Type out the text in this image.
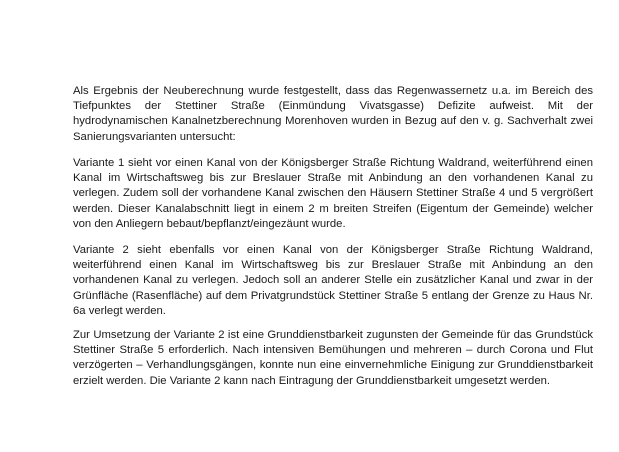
Als Ergebnis der Neuberechnung wurde festgestellt, dass das Regenwassernetz u.a. im Bereich des Tiefpunktes der Stettiner Straße (Einmündung Vivatsgasse) Defizite aufweist. Mit der hydrodynamischen Kanalnetzberechnung Morenhoven wurden in Bezug auf den v. g. Sachverhalt zwei Sanierungsvarianten untersucht:

Variante 1 sieht vor einen Kanal von der Königsberger Straße Richtung Waldrand, weiterführend einen Kanal im Wirtschaftsweg bis zur Breslauer Straße mit Anbindung an den vorhandenen Kanal zu verlegen. Zudem soll der vorhandene Kanal zwischen den Häusern Stettiner Straße 4 und 5 vergrößert werden. Dieser Kanalabschnitt liegt in einem 2 m breiten Streifen (Eigentum der Gemeinde) welcher von den Anliegern bebaut/bepflanzt/eingezäunt wurde.

Variante 2 sieht ebenfalls vor einen Kanal von der Königsberger Straße Richtung Waldrand, weiterführend einen Kanal im Wirtschaftsweg bis zur Breslauer Straße mit Anbindung an den vorhandenen Kanal zu verlegen. Jedoch soll an anderer Stelle ein zusätzlicher Kanal und zwar in der Grünfläche (Rasenfläche) auf dem Privatgrundstück Stettiner Straße 5 entlang der Grenze zu Haus Nr. 6a verlegt werden.

Zur Umsetzung der Variante 2 ist eine Grunddienstbarkeit zugunsten der Gemeinde für das Grundstück Stettiner Straße 5 erforderlich. Nach intensiven Bemühungen und mehreren – durch Corona und Flut verzögerten – Verhandlungsgängen, konnte nun eine einvernehmliche Einigung zur Grunddienstbarkeit erzielt werden. Die Variante 2 kann nach Eintragung der Grunddienstbarkeit umgesetzt werden.
